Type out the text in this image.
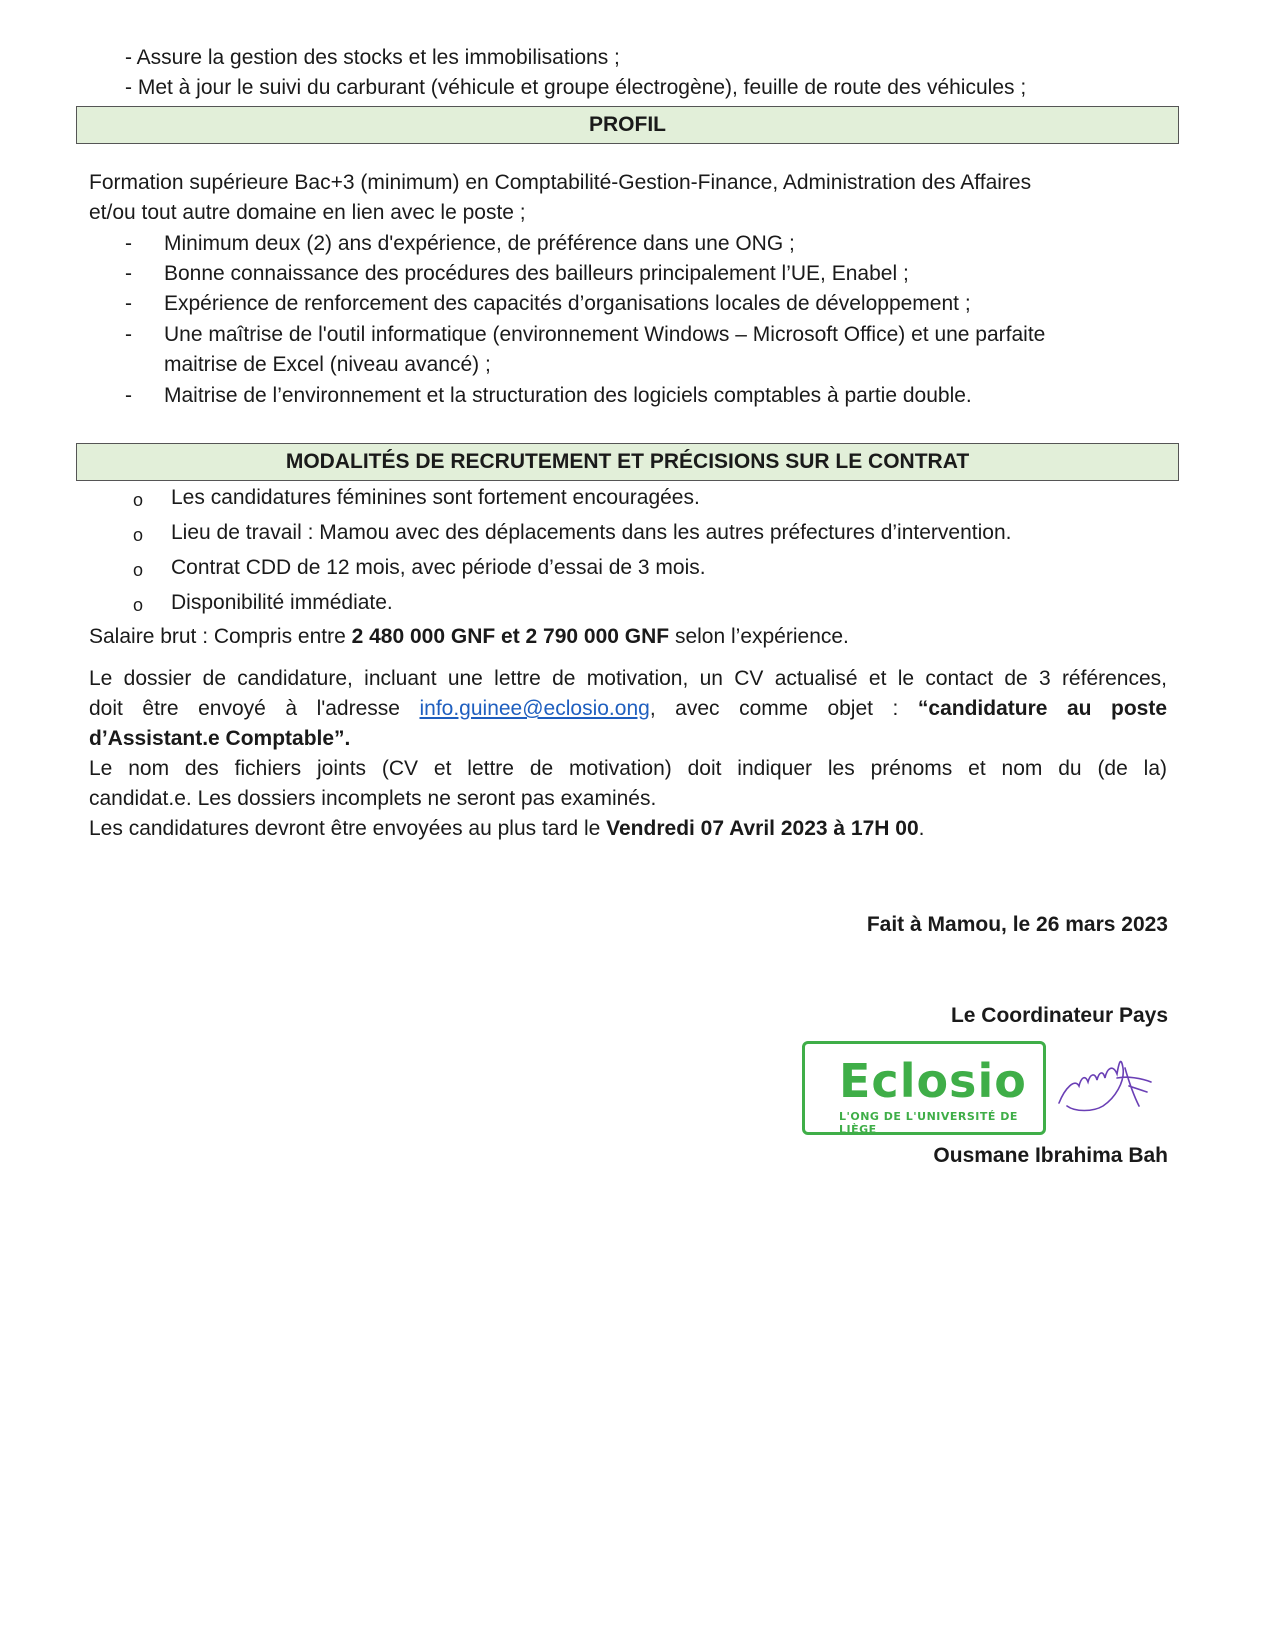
- Assure la gestion des stocks et les immobilisations ;
- Met à jour le suivi du carburant (véhicule et groupe électrogène), feuille de route des véhicules ;
PROFIL
Formation supérieure Bac+3 (minimum) en Comptabilité-Gestion-Finance, Administration des Affaires
et/ou tout autre domaine en lien avec le poste ;
- Minimum deux (2) ans d'expérience, de préférence dans une ONG ;
- Bonne connaissance des procédures des bailleurs principalement l’UE, Enabel ;
- Expérience de renforcement des capacités d’organisations locales de développement ;
- Une maîtrise de l'outil informatique (environnement Windows – Microsoft Office) et une parfaite
maitrise de Excel (niveau avancé) ;
- Maitrise de l’environnement et la structuration des logiciels comptables à partie double.
MODALITÉS DE RECRUTEMENT ET PRÉCISIONS SUR LE CONTRAT
o Les candidatures féminines sont fortement encouragées.
o Lieu de travail : Mamou avec des déplacements dans les autres préfectures d’intervention.
o Contrat CDD de 12 mois, avec période d’essai de 3 mois.
o Disponibilité immédiate.
Salaire brut : Compris entre 2 480 000 GNF et 2 790 000 GNF selon l’expérience.
Le dossier de candidature, incluant une lettre de motivation, un CV actualisé et le contact de 3 références,
doit être envoyé à l'adresse info.guinee@eclosio.ong, avec comme objet : “candidature au poste
d’Assistant.e Comptable”.
Le nom des fichiers joints (CV et lettre de motivation) doit indiquer les prénoms et nom du (de la)
candidat.e. Les dossiers incomplets ne seront pas examinés.
Les candidatures devront être envoyées au plus tard le Vendredi 07 Avril 2023 à 17H 00.
Fait à Mamou, le 26 mars 2023
Le Coordinateur Pays
Eclosio
L'ONG DE L'UNIVERSITÉ DE LIÈGE
Ousmane Ibrahima Bah
